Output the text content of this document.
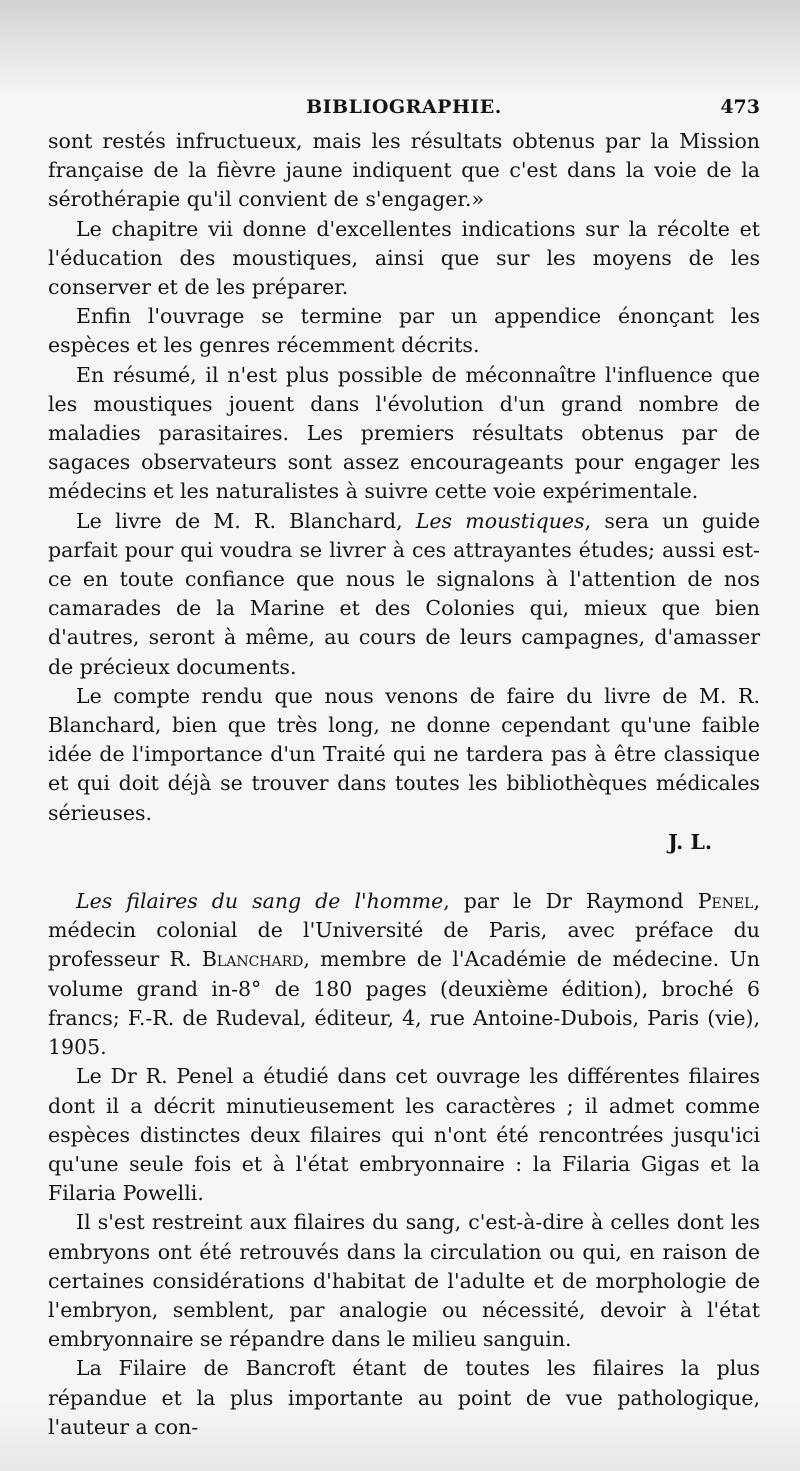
BIBLIOGRAPHIE.	473

sont restés infructueux, mais les résultats obtenus par la Mission française de la fièvre jaune indiquent que c'est dans la voie de la sérothérapie qu'il convient de s'engager.»

Le chapitre vii donne d'excellentes indications sur la récolte et l'éducation des moustiques, ainsi que sur les moyens de les conserver et de les préparer.

Enfin l'ouvrage se termine par un appendice énonçant les espèces et les genres récemment décrits.

En résumé, il n'est plus possible de méconnaître l'influence que les moustiques jouent dans l'évolution d'un grand nombre de maladies parasitaires. Les premiers résultats obtenus par de sagaces observateurs sont assez encourageants pour engager les médecins et les naturalistes à suivre cette voie expérimentale.

Le livre de M. R. Blanchard, Les moustiques, sera un guide parfait pour qui voudra se livrer à ces attrayantes études; aussi est-ce en toute confiance que nous le signalons à l'attention de nos camarades de la Marine et des Colonies qui, mieux que bien d'autres, seront à même, au cours de leurs campagnes, d'amasser de précieux documents.

Le compte rendu que nous venons de faire du livre de M. R. Blanchard, bien que très long, ne donne cependant qu'une faible idée de l'importance d'un Traité qui ne tardera pas à être classique et qui doit déjà se trouver dans toutes les bibliothèques médicales sérieuses.

J. L.

Les filaires du sang de l'homme, par le Dr Raymond Penel, médecin colonial de l'Université de Paris, avec préface du professeur R. Blanchard, membre de l'Académie de médecine. Un volume grand in-8° de 180 pages (deuxième édition), broché 6 francs; F.-R. de Rudeval, éditeur, 4, rue Antoine-Dubois, Paris (vie), 1905.

Le Dr R. Penel a étudié dans cet ouvrage les différentes filaires dont il a décrit minutieusement les caractères ; il admet comme espèces distinctes deux filaires qui n'ont été rencontrées jusqu'ici qu'une seule fois et à l'état embryonnaire : la Filaria Gigas et la Filaria Powelli.

Il s'est restreint aux filaires du sang, c'est-à-dire à celles dont les embryons ont été retrouvés dans la circulation ou qui, en raison de certaines considérations d'habitat de l'adulte et de morphologie de l'embryon, semblent, par analogie ou nécessité, devoir à l'état embryonnaire se répandre dans le milieu sanguin.

La Filaire de Bancroft étant de toutes les filaires la plus répandue et la plus importante au point de vue pathologique, l'auteur a con-
